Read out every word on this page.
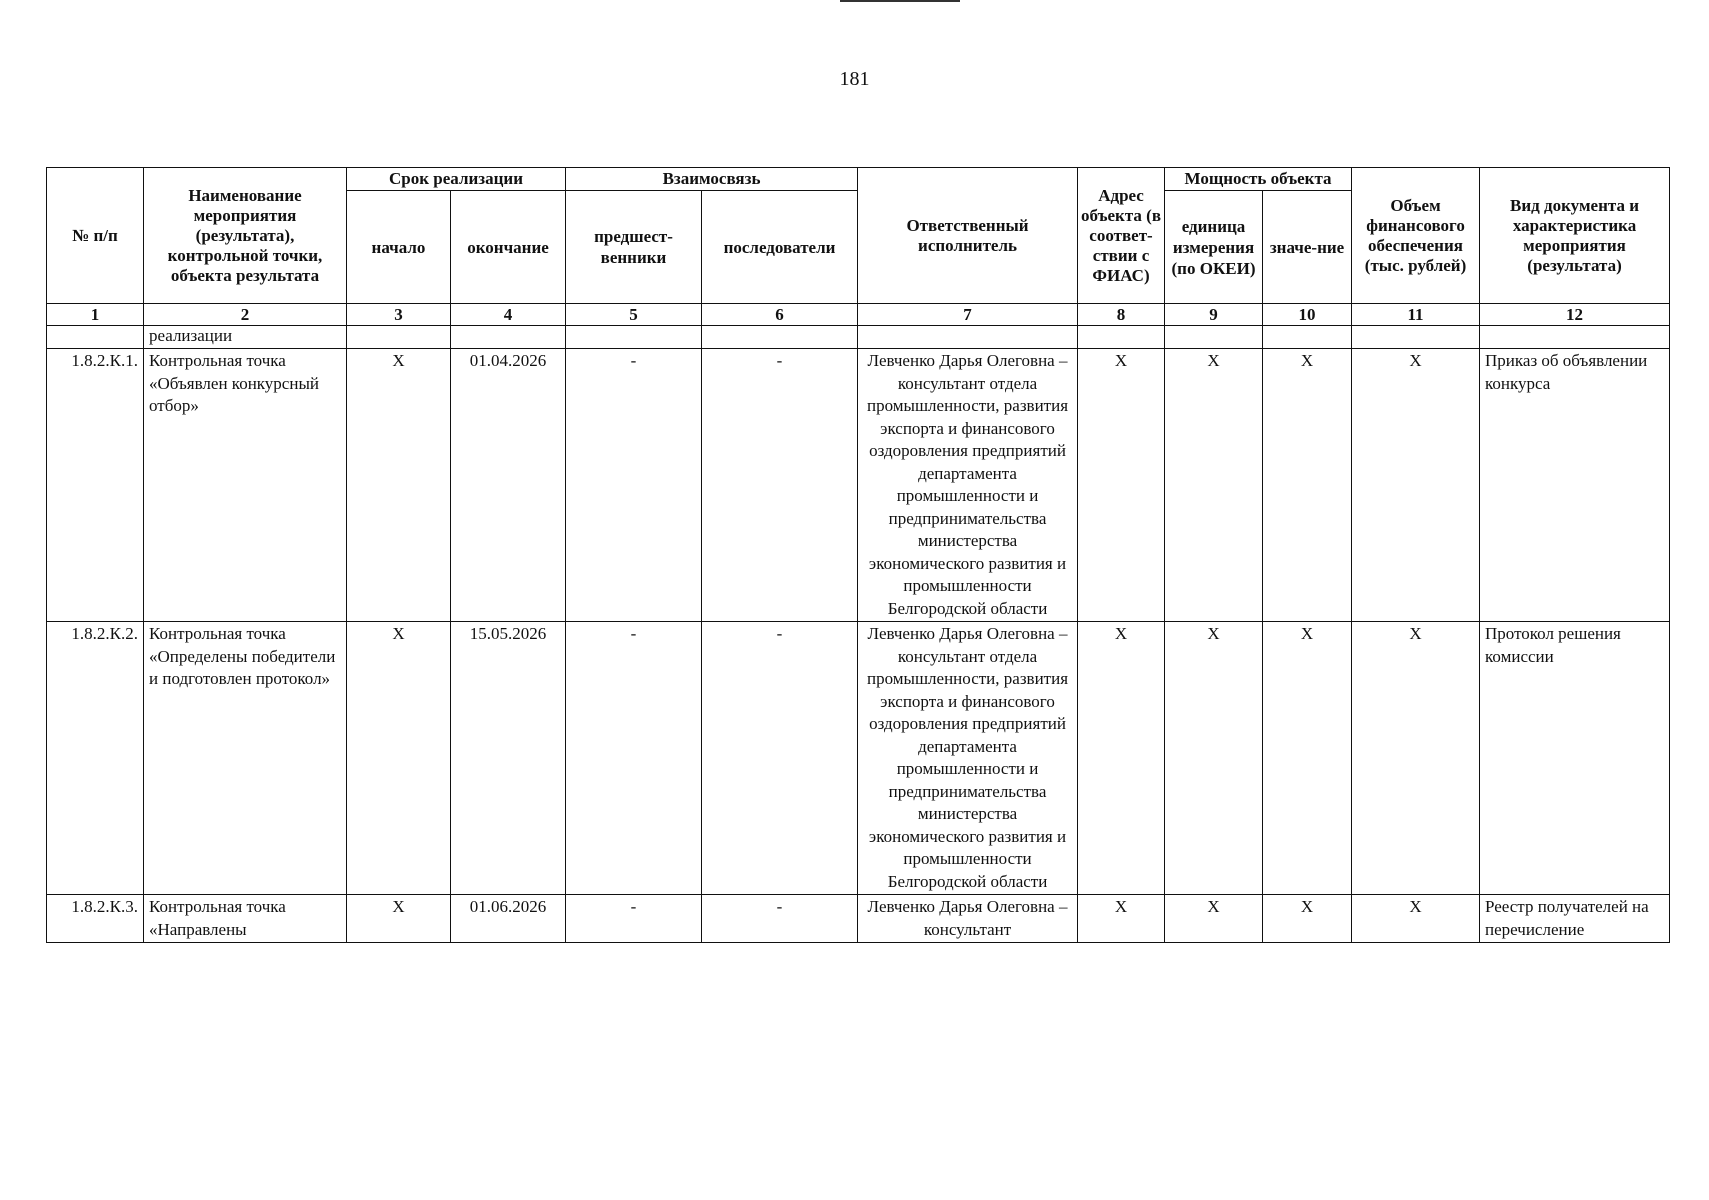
181
№ п/п	Наименование мероприятия (результата), контрольной точки, объекта результата	Срок реализации		Взаимосвязь		Ответственный исполнитель	Адрес объекта (в соответ-ствии с ФИАС)	Мощность объекта		Объем финансового обеспечения (тыс. рублей)	Вид документа и характеристика мероприятия (результата)
		начало	окончание	предшест-венники	последователи			единица измерения (по ОКЕИ)	значе-ние		
1	2	3	4	5	6	7	8	9	10	11	12
	реализации										
1.8.2.К.1.	Контрольная точка «Объявлен конкурсный отбор»	Х	01.04.2026	-	-	Левченко Дарья Олеговна – консультант отдела промышленности, развития экспорта и финансового оздоровления предприятий департамента промышленности и предпринимательства министерства экономического развития и промышленности Белгородской области	Х	Х	Х	Х	Приказ об объявлении конкурса
1.8.2.К.2.	Контрольная точка «Определены победители и подготовлен протокол»	Х	15.05.2026	-	-	Левченко Дарья Олеговна – консультант отдела промышленности, развития экспорта и финансового оздоровления предприятий департамента промышленности и предпринимательства министерства экономического развития и промышленности Белгородской области	Х	Х	Х	Х	Протокол решения комиссии
1.8.2.К.3.	Контрольная точка «Направлены	Х	01.06.2026	-	-	Левченко Дарья Олеговна – консультант	Х	Х	Х	Х	Реестр получателей на перечисление
